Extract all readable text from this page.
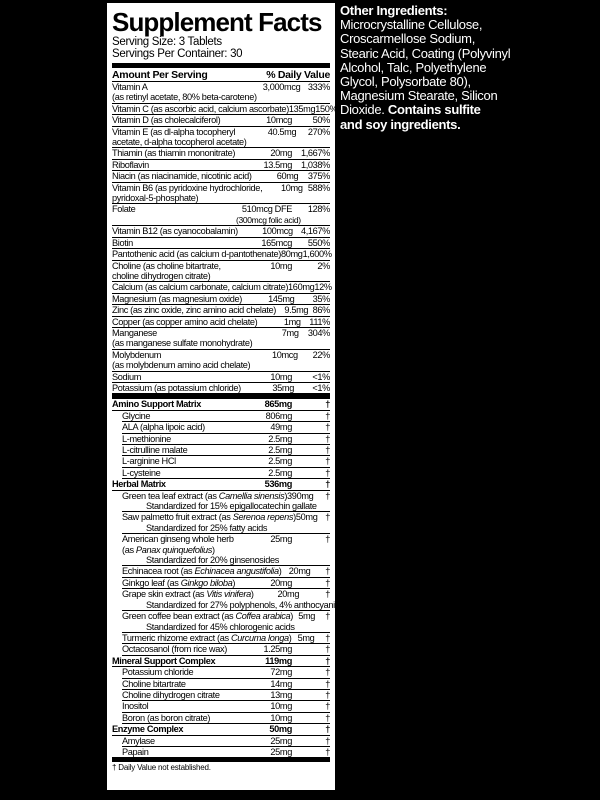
Supplement Facts
Serving Size: 3 Tablets
Servings Per Container: 30
Amount Per Serving	% Daily Value
Vitamin A
(as retinyl acetate, 80% beta-carotene)
3,000mcg 333%
Vitamin C (as ascorbic acid, calcium ascorbate) 135mg 150%
Vitamin D (as cholecalciferol)	10mcg	50%
Vitamin E (as dl-alpha tocopheryl
acetate, d-alpha tocopherol acetate)
40.5mg	270%
Thiamin (as thiamin mononitrate)	20mg 1,667%
Riboflavin	13.5mg 1,038%
Niacin (as niacinamide, nicotinic acid)	60mg	375%
Vitamin B6 (as pyridoxine hydrochloride,
pyridoxal-5-phosphate)
10mg 588%
Folate	510mcg DFE
(300mcg folic acid)
128%
Vitamin B12 (as cyanocobalamin)	100mcg 4,167%
Biotin	165mcg	550%
Pantothenic acid (as calcium d-pantothenate) 80mg 1,600%
Choline (as choline bitartrate,
choline dihydrogen citrate)
10mg	2%
Calcium (as calcium carbonate, calcium citrate) 160mg 12%
Magnesium (as magnesium oxide)	145mg	35%
Zinc (as zinc oxide, zinc amino acid chelate) 9.5mg 86%
Copper (as copper amino acid chelate)	1mg 111%
Manganese
(as manganese sulfate monohydrate)
7mg	304%
Molybdenum
(as molybdenum amino acid chelate)
10mcg	22%
Sodium	10mg	<1%
Potassium (as potassium chloride)	35mg	<1%
Amino Support Matrix	865mg	†
Glycine	806mg	†
ALA (alpha lipoic acid)	49mg	†
L-methionine	2.5mg	†
L-citrulline malate	2.5mg	†
L-arginine HCl	2.5mg	†
L-cysteine	2.5mg	†
Herbal Matrix	536mg	†
Green tea leaf extract (as Camellia sinensis) 390mg	†
Standardized for 15% epigallocatechin gallate
Saw palmetto fruit extract (as Serenoa repens) 50mg †
Standardized for 25% fatty acids
American ginseng whole herb
(as Panax quinquefolius)
25mg	†
Standardized for 20% ginsenosides
Echinacea root (as Echinacea angustifolia) 20mg	†
Ginkgo leaf (as Ginkgo biloba)	20mg	†
Grape skin extract (as Vitis vinifera)	20mg	†
Standardized for 27% polyphenols, 4% anthocyanins
Green coffee bean extract (as Coffea arabica) 5mg	†
Standardized for 45% chlorogenic acids
Turmeric rhizome extract (as Curcuma longa) 5mg	†
Octacosanol (from rice wax)	1.25mg	†
Mineral Support Complex	119mg	†
Potassium chloride	72mg	†
Choline bitartrate	14mg	†
Choline dihydrogen citrate	13mg	†
Inositol	10mg	†
Boron (as boron citrate)	10mg	†
Enzyme Complex	50mg	†
Amylase	25mg	†
Papain	25mg	†
† Daily Value not established.
Other Ingredients:
Microcrystalline Cellulose,
Croscarmellose Sodium,
Stearic Acid, Coating (Polyvinyl
Alcohol, Talc, Polyethylene
Glycol, Polysorbate 80),
Magnesium Stearate, Silicon
Dioxide. Contains sulfite
and soy ingredients.
